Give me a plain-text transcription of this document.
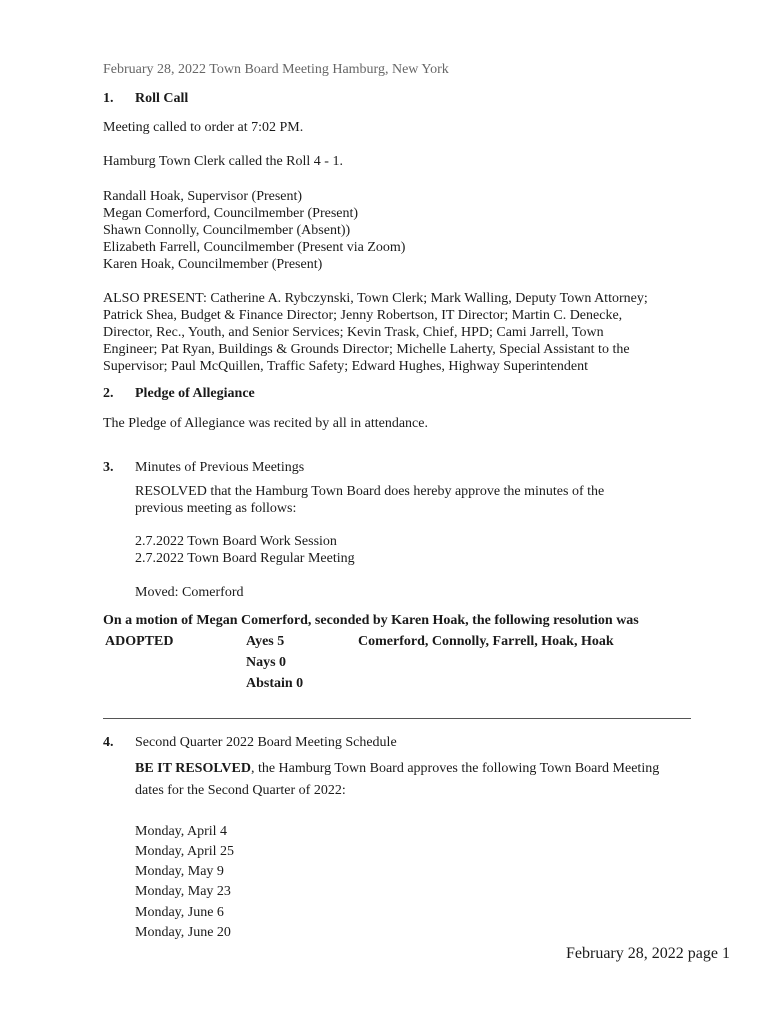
February 28, 2022 Town Board Meeting Hamburg, New York
1. Roll Call
Meeting called to order at 7:02 PM.
Hamburg Town Clerk called the Roll 4 - 1.
Randall Hoak, Supervisor (Present)
Megan Comerford, Councilmember (Present)
Shawn Connolly, Councilmember (Absent))
Elizabeth Farrell, Councilmember (Present via Zoom)
Karen Hoak, Councilmember (Present)
ALSO PRESENT: Catherine A. Rybczynski, Town Clerk; Mark Walling, Deputy Town Attorney;
Patrick Shea, Budget & Finance Director; Jenny Robertson, IT Director; Martin C. Denecke,
Director, Rec., Youth, and Senior Services; Kevin Trask, Chief, HPD; Cami Jarrell, Town
Engineer; Pat Ryan, Buildings & Grounds Director; Michelle Laherty, Special Assistant to the
Supervisor; Paul McQuillen, Traffic Safety; Edward Hughes, Highway Superintendent
2. Pledge of Allegiance
The Pledge of Allegiance was recited by all in attendance.
3. Minutes of Previous Meetings
RESOLVED that the Hamburg Town Board does hereby approve the minutes of the
previous meeting as follows:
2.7.2022 Town Board Work Session
2.7.2022 Town Board Regular Meeting
Moved: Comerford
On a motion of Megan Comerford, seconded by Karen Hoak, the following resolution was
ADOPTED	Ayes 5	Comerford, Connolly, Farrell, Hoak, Hoak
Nays 0
Abstain 0
4. Second Quarter 2022 Board Meeting Schedule
BE IT RESOLVED, the Hamburg Town Board approves the following Town Board Meeting
dates for the Second Quarter of 2022:
Monday, April 4
Monday, April 25
Monday, May 9
Monday, May 23
Monday, June 6
Monday, June 20
February 28, 2022 page 1
